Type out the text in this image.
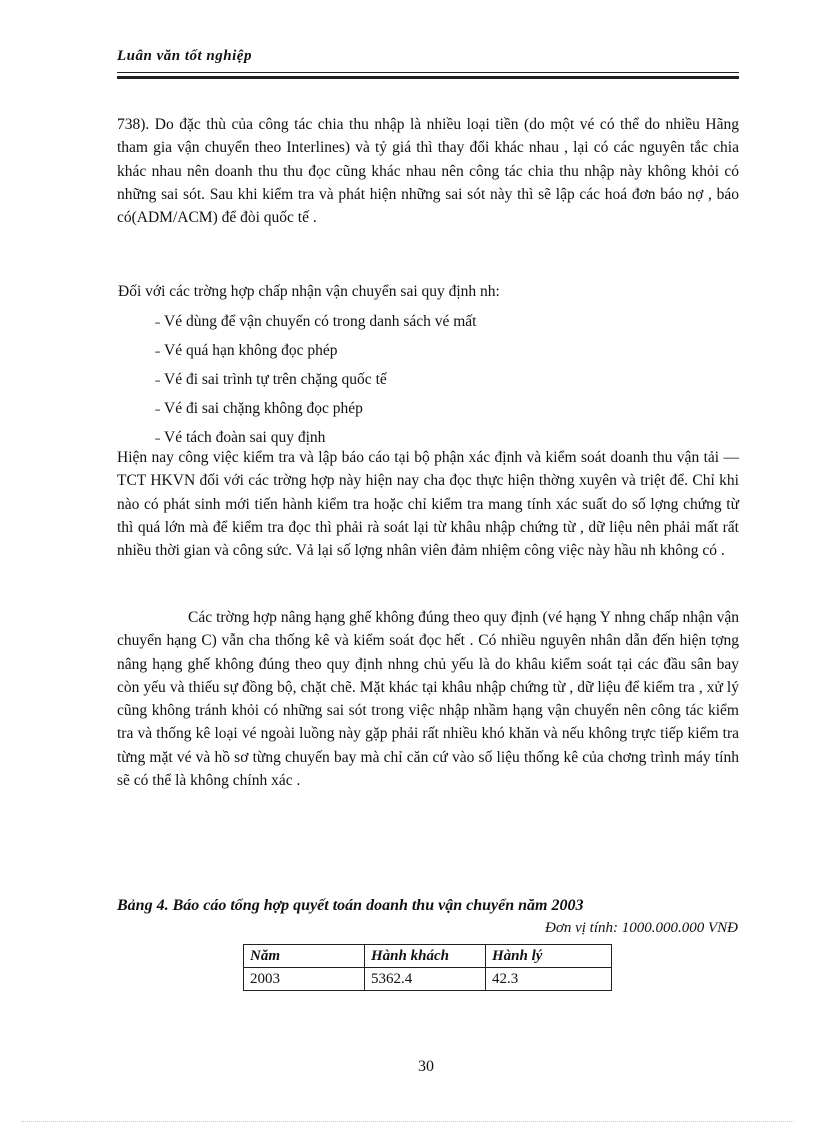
Luân văn tốt nghiệp

738). Do đặc thù của công tác chia thu nhập là nhiều loại tiền (do một vé có thể do nhiều Hãng tham gia vận chuyển theo Interlines) và tỷ giá thì thay đổi khác nhau , lại có các nguyên tắc chia khác nhau nên doanh thu thu đọc cũng khác nhau nên công tác chia thu nhập này không khỏi có những sai sót. Sau khi kiểm tra và phát hiện những sai sót này thì sẽ lập các hoá đơn báo nợ , báo có(ADM/ACM) để đòi quốc tế .

Đối với các trờng hợp chấp nhận vận chuyển sai quy định nh:

˗ Vé dùng để vận chuyển có trong danh sách vé mất
˗ Vé quá hạn không đọc phép
˗ Vé đi sai trình tự trên chặng quốc tế
˗ Vé đi sai chặng không đọc phép
˗ Vé tách đoàn sai quy định

Hiện nay công việc kiểm tra và lập báo cáo tại bộ phận xác định và kiểm soát doanh thu vận tải — TCT HKVN đối với các trờng hợp này hiện nay cha đọc thực hiện thờng xuyên và triệt để. Chỉ khi nào có phát sinh mới tiến hành kiểm tra hoặc chỉ kiểm tra mang tính xác suất do số lợng chứng từ thì quá lớn mà để kiểm tra đọc thì phải rà soát lại từ khâu nhập chứng từ , dữ liệu nên phải mất rất nhiều thời gian và công sức. Vả lại số lợng nhân viên đảm nhiệm công việc này hầu nh không có .

Các trờng hợp nâng hạng ghế không đúng theo quy định (vé hạng Y nhng chấp nhận vận chuyển hạng C) vẫn cha thống kê và kiểm soát đọc hết . Có nhiều nguyên nhân dẫn đến hiện tợng nâng hạng ghế không đúng theo quy định nhng chủ yếu là do khâu kiểm soát tại các đầu sân bay còn yếu và thiếu sự đồng bộ, chặt chẽ. Mặt khác tại khâu nhập chứng từ , dữ liệu để kiểm tra , xử lý cũng không tránh khỏi có những sai sót trong việc nhập nhầm hạng vận chuyển nên công tác kiểm tra và thống kê loại vé ngoài luồng này gặp phải rất nhiều khó khăn và nếu không trực tiếp kiểm tra từng mặt vé và hồ sơ từng chuyến bay mà chỉ căn cứ vào số liệu thống kê của chơng trình máy tính sẽ có thể là không chính xác .

Bảng 4. Báo cáo tổng hợp quyết toán doanh thu vận chuyển năm 2003
Đơn vị tính: 1000.000.000 VNĐ
Năm	Hành khách	Hành lý
2003	5362.4	42.3
30
